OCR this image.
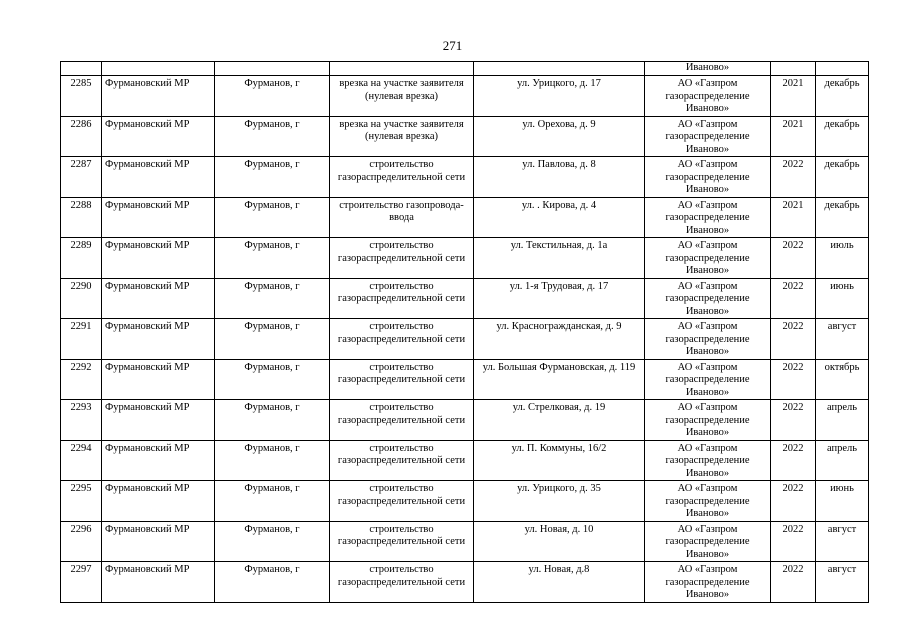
271
					Иваново»		
2285	Фурмановский МР	Фурманов, г	врезка на участке заявителя (нулевая врезка)	ул. Урицкого, д. 17	АО «Газпром газораспределение Иваново»	2021	декабрь
2286	Фурмановский МР	Фурманов, г	врезка на участке заявителя (нулевая врезка)	ул. Орехова, д. 9	АО «Газпром газораспределение Иваново»	2021	декабрь
2287	Фурмановский МР	Фурманов, г	строительство газораспределительной сети	ул. Павлова, д. 8	АО «Газпром газораспределение Иваново»	2022	декабрь
2288	Фурмановский МР	Фурманов, г	строительство газопровода-ввода	ул. . Кирова, д. 4	АО «Газпром газораспределение Иваново»	2021	декабрь
2289	Фурмановский МР	Фурманов, г	строительство газораспределительной сети	ул. Текстильная, д. 1а	АО «Газпром газораспределение Иваново»	2022	июль
2290	Фурмановский МР	Фурманов, г	строительство газораспределительной сети	ул. 1-я Трудовая, д. 17	АО «Газпром газораспределение Иваново»	2022	июнь
2291	Фурмановский МР	Фурманов, г	строительство газораспределительной сети	ул. Красногражданская, д. 9	АО «Газпром газораспределение Иваново»	2022	август
2292	Фурмановский МР	Фурманов, г	строительство газораспределительной сети	ул. Большая Фурмановская, д. 119	АО «Газпром газораспределение Иваново»	2022	октябрь
2293	Фурмановский МР	Фурманов, г	строительство газораспределительной сети	ул. Стрелковая, д. 19	АО «Газпром газораспределение Иваново»	2022	апрель
2294	Фурмановский МР	Фурманов, г	строительство газораспределительной сети	ул. П. Коммуны, 16/2	АО «Газпром газораспределение Иваново»	2022	апрель
2295	Фурмановский МР	Фурманов, г	строительство газораспределительной сети	ул. Урицкого, д. 35	АО «Газпром газораспределение Иваново»	2022	июнь
2296	Фурмановский МР	Фурманов, г	строительство газораспределительной сети	ул. Новая, д. 10	АО «Газпром газораспределение Иваново»	2022	август
2297	Фурмановский МР	Фурманов, г	строительство газораспределительной сети	ул. Новая, д.8	АО «Газпром газораспределение Иваново»	2022	август
